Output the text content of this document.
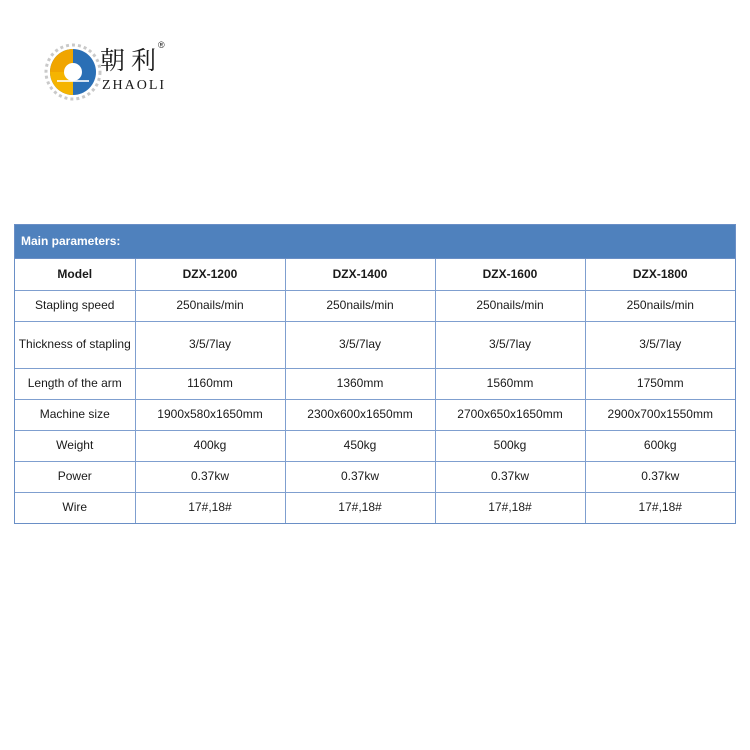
朝利
®
ZHAOLI
Main parameters:
Model	DZX-1200	DZX-1400	DZX-1600	DZX-1800
Stapling speed	250nails/min	250nails/min	250nails/min	250nails/min
Thickness of stapling	3/5/7lay	3/5/7lay	3/5/7lay	3/5/7lay
Length of the arm	1160mm	1360mm	1560mm	1750mm
Machine size	1900x580x1650mm	2300x600x1650mm	2700x650x1650mm	2900x700x1550mm
Weight	400kg	450kg	500kg	600kg
Power	0.37kw	0.37kw	0.37kw	0.37kw
Wire	17#,18#	17#,18#	17#,18#	17#,18#
